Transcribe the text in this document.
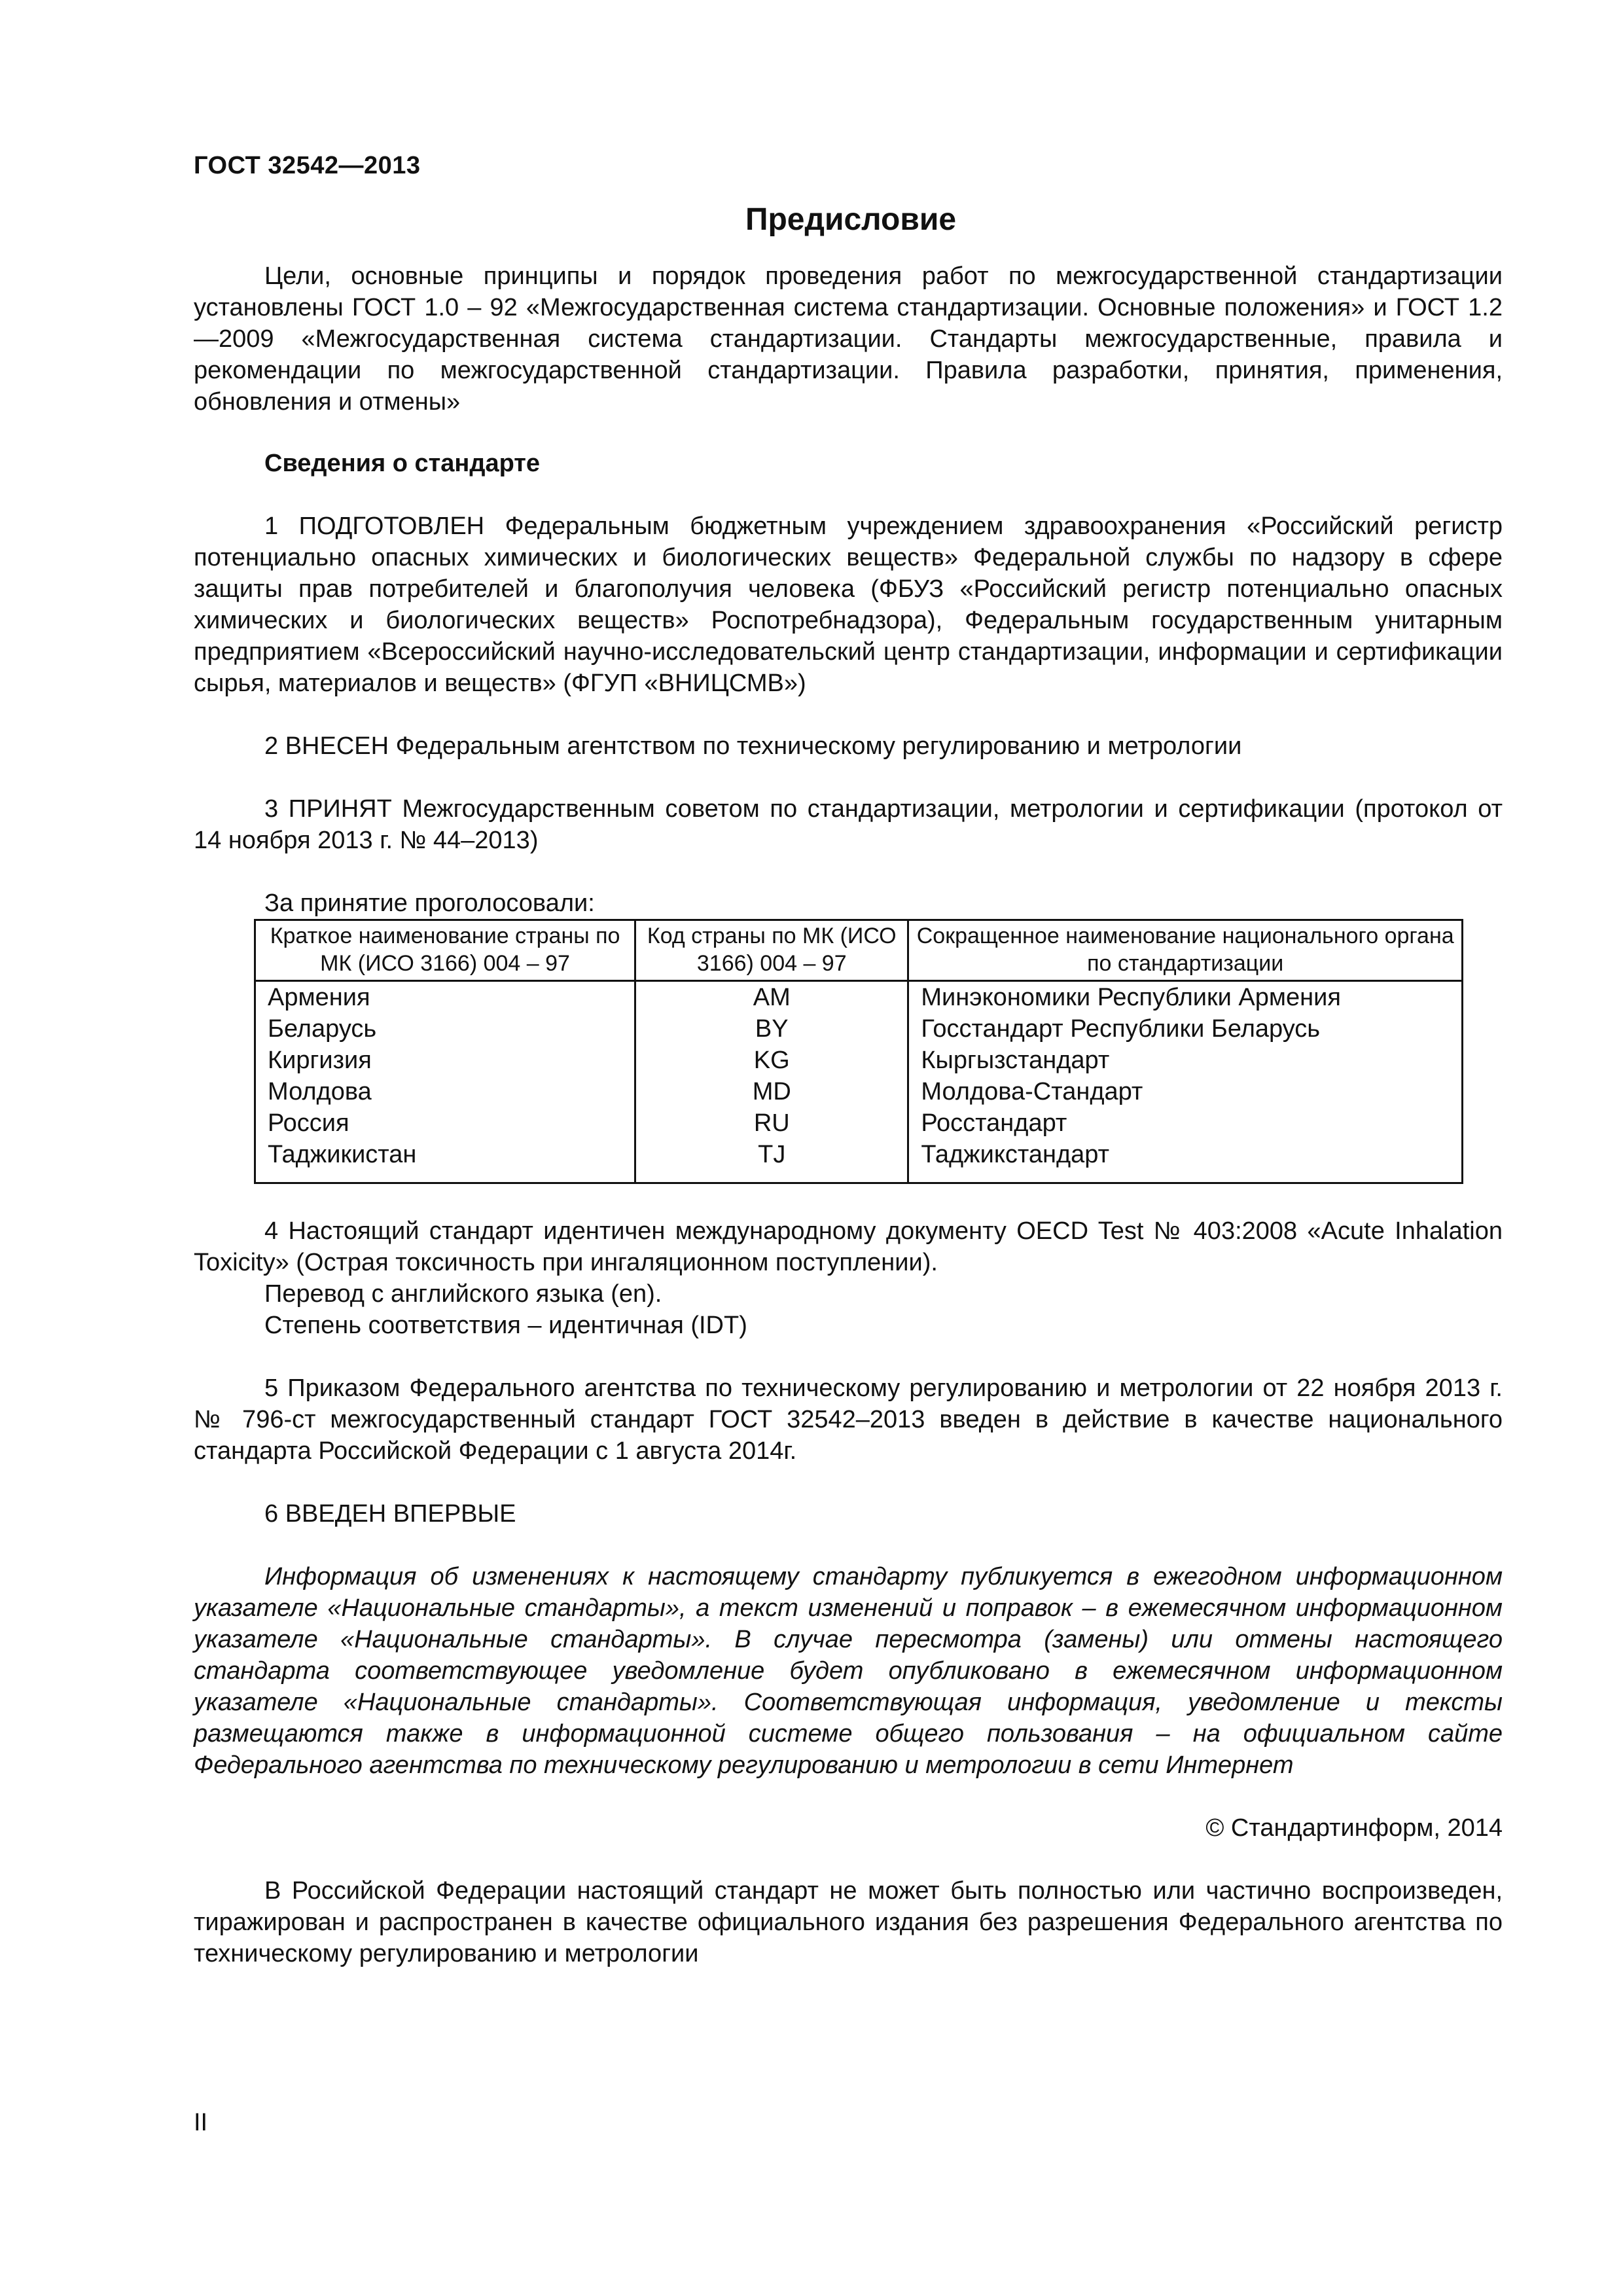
ГОСТ 32542—2013
Предисловие

Цели, основные принципы и порядок проведения работ по межгосударственной стандартизации установлены ГОСТ 1.0 – 92 «Межгосударственная система стандартизации. Основные положения» и ГОСТ 1.2—2009 «Межгосударственная система стандартизации. Стандарты межгосударственные, правила и рекомендации по межгосударственной стандартизации. Правила разработки, принятия, применения, обновления и отмены»

Сведения о стандарте

1 ПОДГОТОВЛЕН Федеральным бюджетным учреждением здравоохранения «Российский регистр потенциально опасных химических и биологических веществ» Федеральной службы по надзору в сфере защиты прав потребителей и благополучия человека (ФБУЗ «Российский регистр потенциально опасных химических и биологических веществ» Роспотребнадзора), Федеральным государственным унитарным предприятием «Всероссийский научно-исследовательский центр стандартизации, информации и сертификации сырья, материалов и веществ» (ФГУП «ВНИЦСМВ»)

2 ВНЕСЕН Федеральным агентством по техническому регулированию и метрологии

3 ПРИНЯТ Межгосударственным советом по стандартизации, метрологии и сертификации (протокол от 14 ноября 2013 г. № 44–2013)

За принятие проголосовали:
Краткое наименование страны по МК (ИСО 3166) 004 – 97	Код страны по МК (ИСО 3166) 004 – 97	Сокращенное наименование национального органа по стандартизации
Армения	AM	Минэкономики Республики Армения
Беларусь	BY	Госстандарт Республики Беларусь
Киргизия	KG	Кыргызстандарт
Молдова	MD	Молдова-Стандарт
Россия	RU	Росстандарт
Таджикистан	TJ	Таджикстандарт

4 Настоящий стандарт идентичен международному документу OECD Test № 403:2008 «Acute Inhalation Toxicity» (Острая токсичность при ингаляционном поступлении).

Перевод с английского языка (en).

Степень соответствия – идентичная (IDT)

5 Приказом Федерального агентства по техническому регулированию и метрологии от 22 ноября 2013 г. № 796-ст межгосударственный стандарт ГОСТ 32542–2013 введен в действие в качестве национального стандарта Российской Федерации с 1 августа 2014г.

6 ВВЕДЕН ВПЕРВЫЕ

Информация об изменениях к настоящему стандарту публикуется в ежегодном информационном указателе «Национальные стандарты», а текст изменений и поправок – в ежемесячном информационном указателе «Национальные стандарты». В случае пересмотра (замены) или отмены настоящего стандарта соответствующее уведомление будет опубликовано в ежемесячном информационном указателе «Национальные стандарты». Соответствующая информация, уведомление и тексты размещаются также в информационной системе общего пользования – на официальном сайте Федерального агентства по техническому регулированию и метрологии в сети Интернет

© Стандартинформ, 2014

В Российской Федерации настоящий стандарт не может быть полностью или частично воспроизведен, тиражирован и распространен в качестве официального издания без разрешения Федерального агентства по техническому регулированию и метрологии

II
